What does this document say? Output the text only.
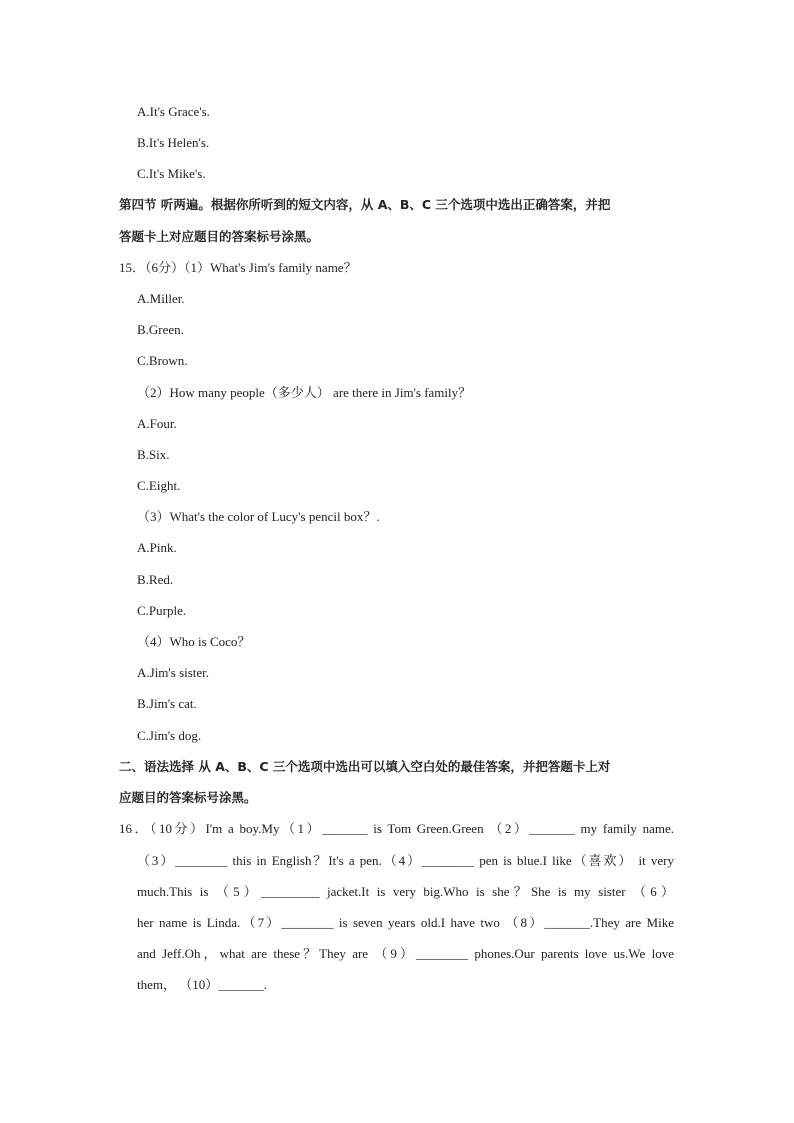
A.It's Grace's.
B.It's Helen's.
C.It's Mike's.
第四节 听两遍。根据你所听到的短文内容，从 A、B、C 三个选项中选出正确答案，并把
答题卡上对应题目的答案标号涂黑。
15．（6分）（1）What's Jim's family name？
A.Miller.
B.Green.
C.Brown.
（2）How many people（多少人） are there in Jim's family？
A.Four.
B.Six.
C.Eight.
（3）What's the color of Lucy's pencil box？.
A.Pink.
B.Red.
C.Purple.
（4）Who is Coco？
A.Jim's sister.
B.Jim's cat.
C.Jim's dog.
二、语法选择 从 A、B、C 三个选项中选出可以填入空白处的最佳答案，并把答题卡上对
应题目的答案标号涂黑。
16．（10分）I'm a boy.My（1）_______ is Tom Green.Green （2）_______ my family name.
（3）________ this in English？It's a pen.（4）________ pen is blue.I like（喜欢） it very
much.This is （5）_________ jacket.It is very big.Who is she？She is my sister （6）
her name is Linda.（7）________ is seven years old.I have two （8）_______.They are Mike
and Jeff.Oh，what are these？They are （9）________ phones.Our parents love us.We love
them， （10）_______.
